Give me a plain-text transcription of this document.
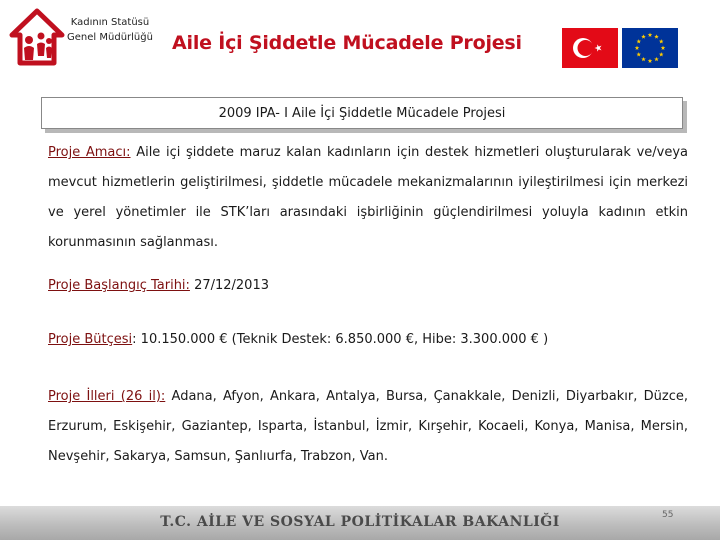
Kadının Statüsü
Genel Müdürlüğü Aile İçi Şiddetle Mücadele Projesi
2009 IPA- I Aile İçi Şiddetle Mücadele Projesi
Proje Amacı: Aile içi şiddete maruz kalan kadınların için destek hizmetleri oluşturularak ve/veya mevcut hizmetlerin geliştirilmesi, şiddetle mücadele mekanizmalarının iyileştirilmesi için merkezi ve yerel yönetimler ile STK’ları arasındaki işbirliğinin güçlendirilmesi yoluyla kadının etkin korunmasının sağlanması.
Proje Başlangıç Tarihi: 27/12/2013
Proje Bütçesi: 10.150.000 € (Teknik Destek: 6.850.000 €, Hibe: 3.300.000 € )
Proje İlleri (26 il): Adana, Afyon, Ankara, Antalya, Bursa, Çanakkale, Denizli, Diyarbakır, Düzce, Erzurum, Eskişehir, Gaziantep, Isparta, İstanbul, İzmir, Kırşehir, Kocaeli, Konya, Manisa, Mersin, Nevşehir, Sakarya, Samsun, Şanlıurfa, Trabzon, Van.
T.C. AİLE VE SOSYAL POLİTİKALAR BAKANLIĞI	55
